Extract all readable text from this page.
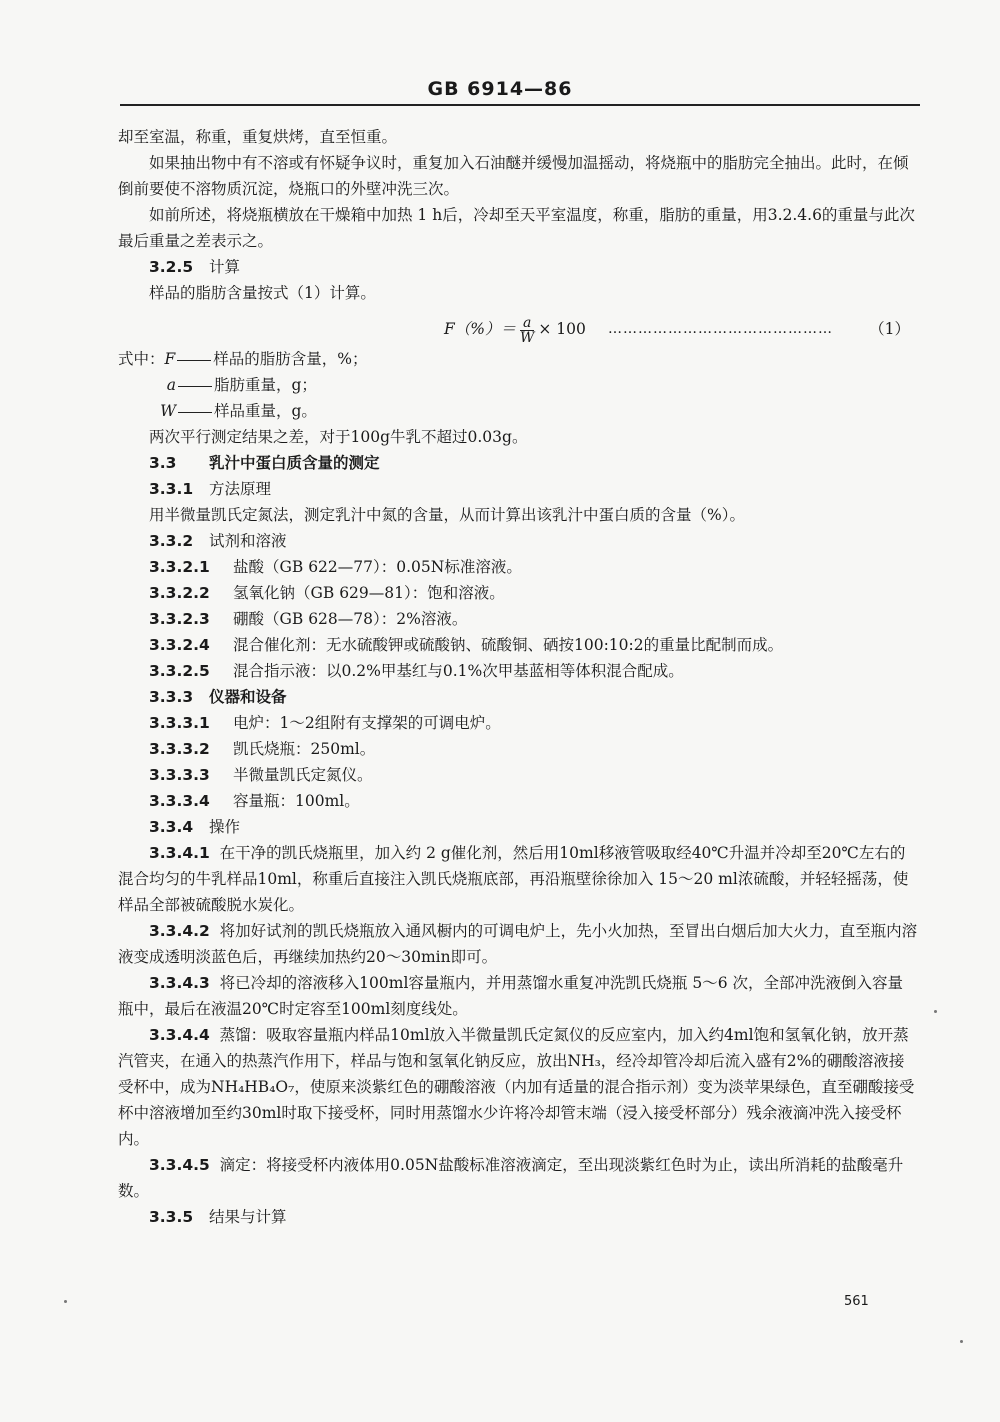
GB 6914—86

却至室温，称重，重复烘烤，直至恒重。

如果抽出物中有不溶或有怀疑争议时，重复加入石油醚并缓慢加温摇动，将烧瓶中的脂肪完全抽出。此时，在倾倒前要使不溶物质沉淀，烧瓶口的外壁冲洗三次。

如前所述，将烧瓶横放在干燥箱中加热 1 h后，冷却至天平室温度，称重，脂肪的重量，用3.2.4.6的重量与此次最后重量之差表示之。

3.2.5 计算

样品的脂肪含量按式（1）计算。

$F(\%)= \frac{a}{W} \times 100$ ……………………………………… （1）

式中：F 样品的脂肪含量，%；

a 脂肪重量，g；

W 样品重量，g。

两次平行测定结果之差，对于100g牛乳不超过0.03g。

3.3 乳汁中蛋白质含量的测定

3.3.1 方法原理

用半微量凯氏定氮法，测定乳汁中氮的含量，从而计算出该乳汁中蛋白质的含量（%）。

3.3.2 试剂和溶液

3.3.2.1 盐酸（GB 622—77）：0.05N标准溶液。

3.3.2.2 氢氧化钠（GB 629—81）：饱和溶液。

3.3.2.3 硼酸（GB 628—78）：2%溶液。

3.3.2.4 混合催化剂：无水硫酸钾或硫酸钠、硫酸铜、硒按100:10:2的重量比配制而成。

3.3.2.5 混合指示液：以0.2%甲基红与0.1%次甲基蓝相等体积混合配成。

3.3.3 仪器和设备

3.3.3.1 电炉：1～2组附有支撑架的可调电炉。

3.3.3.2 凯氏烧瓶：250ml。

3.3.3.3 半微量凯氏定氮仪。

3.3.3.4 容量瓶：100ml。

3.3.4 操作

3.3.4.1 在干净的凯氏烧瓶里，加入约 2 g催化剂，然后用10ml移液管吸取经40℃升温并冷却至20℃左右的混合均匀的牛乳样品10ml，称重后直接注入凯氏烧瓶底部，再沿瓶壁徐徐加入 15～20 ml浓硫酸，并轻轻摇荡，使样品全部被硫酸脱水炭化。

3.3.4.2 将加好试剂的凯氏烧瓶放入通风橱内的可调电炉上，先小火加热，至冒出白烟后加大火力，直至瓶内溶液变成透明淡蓝色后，再继续加热约20～30min即可。

3.3.4.3 将已冷却的溶液移入100ml容量瓶内，并用蒸馏水重复冲洗凯氏烧瓶 5～6 次，全部冲洗液倒入容量瓶中，最后在液温20℃时定容至100ml刻度线处。

3.3.4.4 蒸馏：吸取容量瓶内样品10ml放入半微量凯氏定氮仪的反应室内，加入约4ml饱和氢氧化钠，放开蒸汽管夹，在通入的热蒸汽作用下，样品与饱和氢氧化钠反应，放出NH₃，经冷却管冷却后流入盛有2%的硼酸溶液接受杯中，成为NH₄HB₄O₇，使原来淡紫红色的硼酸溶液（内加有适量的混合指示剂）变为淡苹果绿色，直至硼酸接受杯中溶液增加至约30ml时取下接受杯，同时用蒸馏水少许将冷却管末端（浸入接受杯部分）残余液滴冲洗入接受杯内。

3.3.4.5 滴定：将接受杯内液体用0.05N盐酸标准溶液滴定，至出现淡紫红色时为止，读出所消耗的盐酸毫升数。

3.3.5 结果与计算

561
